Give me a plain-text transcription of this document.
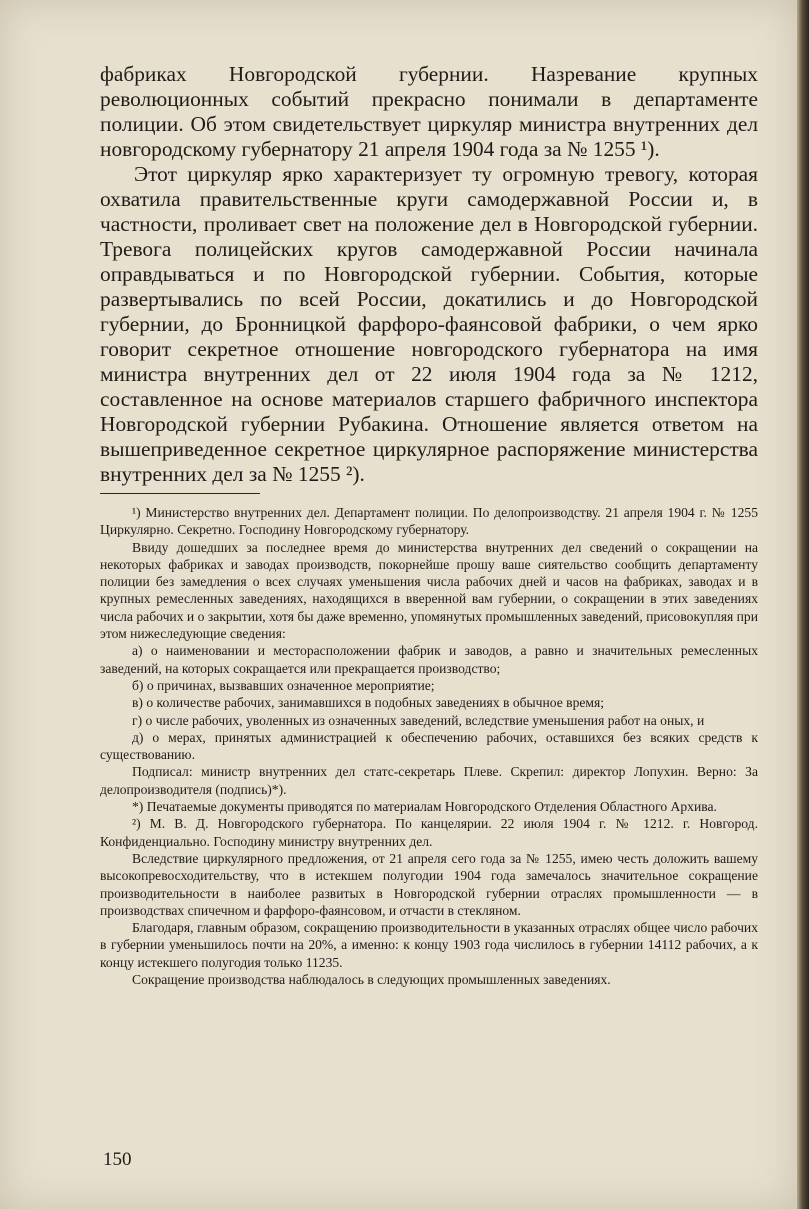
фабриках Новгородской губернии. Назревание крупных революционных событий прекрасно понимали в департаменте полиции. Об этом свидетельствует циркуляр министра внутренних дел новгородскому губернатору 21 апреля 1904 года за № 1255 ¹).

Этот циркуляр ярко характеризует ту огромную тревогу, которая охватила правительственные круги самодержавной России и, в частности, проливает свет на положение дел в Новгородской губернии. Тревога полицейских кругов самодержавной России начинала оправдываться и по Новгородской губернии. События, которые развертывались по всей России, докатились и до Новгородской губернии, до Бронницкой фарфоро-фаянсовой фабрики, о чем ярко говорит секретное отношение новгородского губернатора на имя министра внутренних дел от 22 июля 1904 года за № 1212, составленное на основе материалов старшего фабричного инспектора Новгородской губернии Рубакина. Отношение является ответом на вышеприведенное секретное циркулярное распоряжение министерства внутренних дел за № 1255 ²).

¹) Министерство внутренних дел. Департамент полиции. По делопроизводству. 21 апреля 1904 г. № 1255 Циркулярно. Секретно. Господину Новгородскому губернатору.

Ввиду дошедших за последнее время до министерства внутренних дел сведений о сокращении на некоторых фабриках и заводах производств, покорнейше прошу ваше сиятельство сообщить департаменту полиции без замедления о всех случаях уменьшения числа рабочих дней и часов на фабриках, заводах и в крупных ремесленных заведениях, находящихся в вверенной вам губернии, о сокращении в этих заведениях числа рабочих и о закрытии, хотя бы даже временно, упомянутых промышленных заведений, присовокупляя при этом нижеследующие сведения:

а) о наименовании и месторасположении фабрик и заводов, а равно и значительных ремесленных заведений, на которых сокращается или прекращается производство;

б) о причинах, вызвавших означенное мероприятие;

в) о количестве рабочих, занимавшихся в подобных заведениях в обычное время;

г) о числе рабочих, уволенных из означенных заведений, вследствие уменьшения работ на оных, и

д) о мерах, принятых администрацией к обеспечению рабочих, оставшихся без всяких средств к существованию.

Подписал: министр внутренних дел статс-секретарь Плеве. Скрепил: директор Лопухин. Верно: За делопроизводителя (подпись)*).

*) Печатаемые документы приводятся по материалам Новгородского Отделения Областного Архива.

²) М. В. Д. Новгородского губернатора. По канцелярии. 22 июля 1904 г. № 1212. г. Новгород. Конфиденциально. Господину министру внутренних дел.

Вследствие циркулярного предложения, от 21 апреля сего года за № 1255, имею честь доложить вашему высокопревосходительству, что в истекшем полугодии 1904 года замечалось значительное сокращение производительности в наиболее развитых в Новгородской губернии отраслях промышленности — в производствах спичечном и фарфоро-фаянсовом, и отчасти в стекляном.

Благодаря, главным образом, сокращению производительности в указанных отраслях общее число рабочих в губернии уменьшилось почти на 20%, а именно: к концу 1903 года числилось в губернии 14112 рабочих, а к концу истекшего полугодия только 11235.

Сокращение производства наблюдалось в следующих промышленных заведениях.

150
